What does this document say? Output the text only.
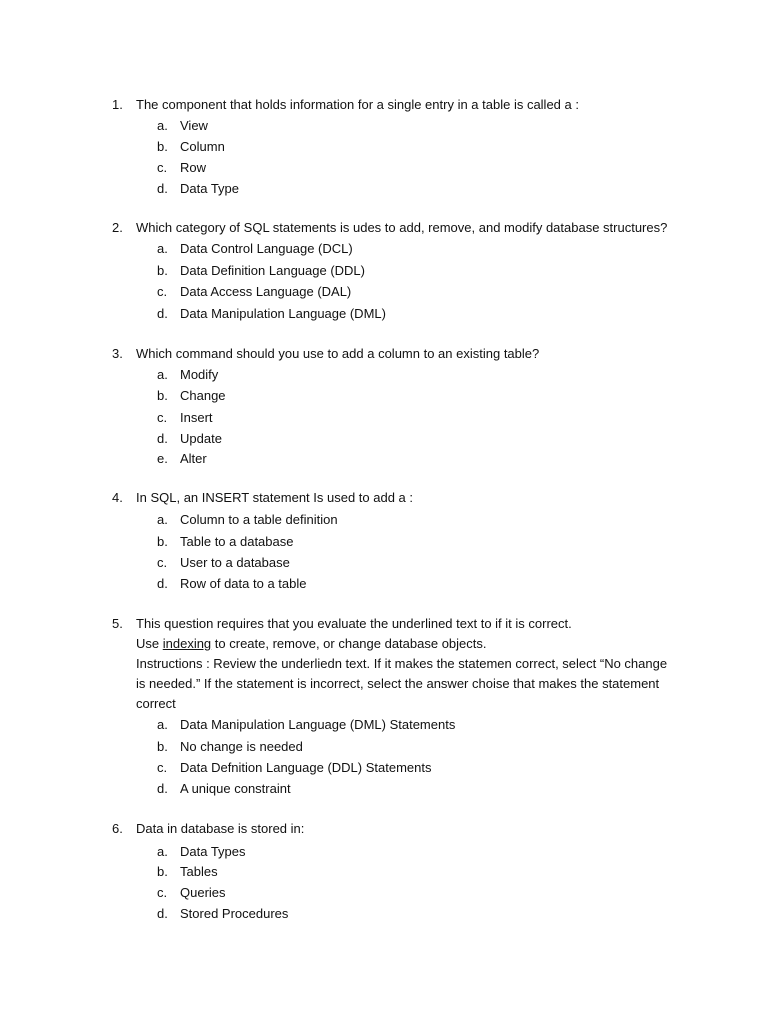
1. The component that holds information for a single entry in a table is called a :
a. View
b. Column
c. Row
d. Data Type
2. Which category of SQL statements is udes to add, remove, and modify database structures?
a. Data Control Language (DCL)
b. Data Definition Language (DDL)
c. Data Access Language (DAL)
d. Data Manipulation Language (DML)
3. Which command should you use to add a column to an existing table?
a. Modify
b. Change
c. Insert
d. Update
e. Alter
4. In SQL, an INSERT statement Is used to add a :
a. Column to a table definition
b. Table to a database
c. User to a database
d. Row of data to a table
5. This question requires that you evaluate the underlined text to if it is correct.
Use indexing to create, remove, or change database objects.
Instructions : Review the underliedn text. If it makes the statemen correct, select “No change
is needed.” If the statement is incorrect, select the answer choise that makes the statement
correct
a. Data Manipulation Language (DML) Statements
b. No change is needed
c. Data Defnition Language (DDL) Statements
d. A unique constraint
6. Data in database is stored in:
a. Data Types
b. Tables
c. Queries
d. Stored Procedures
